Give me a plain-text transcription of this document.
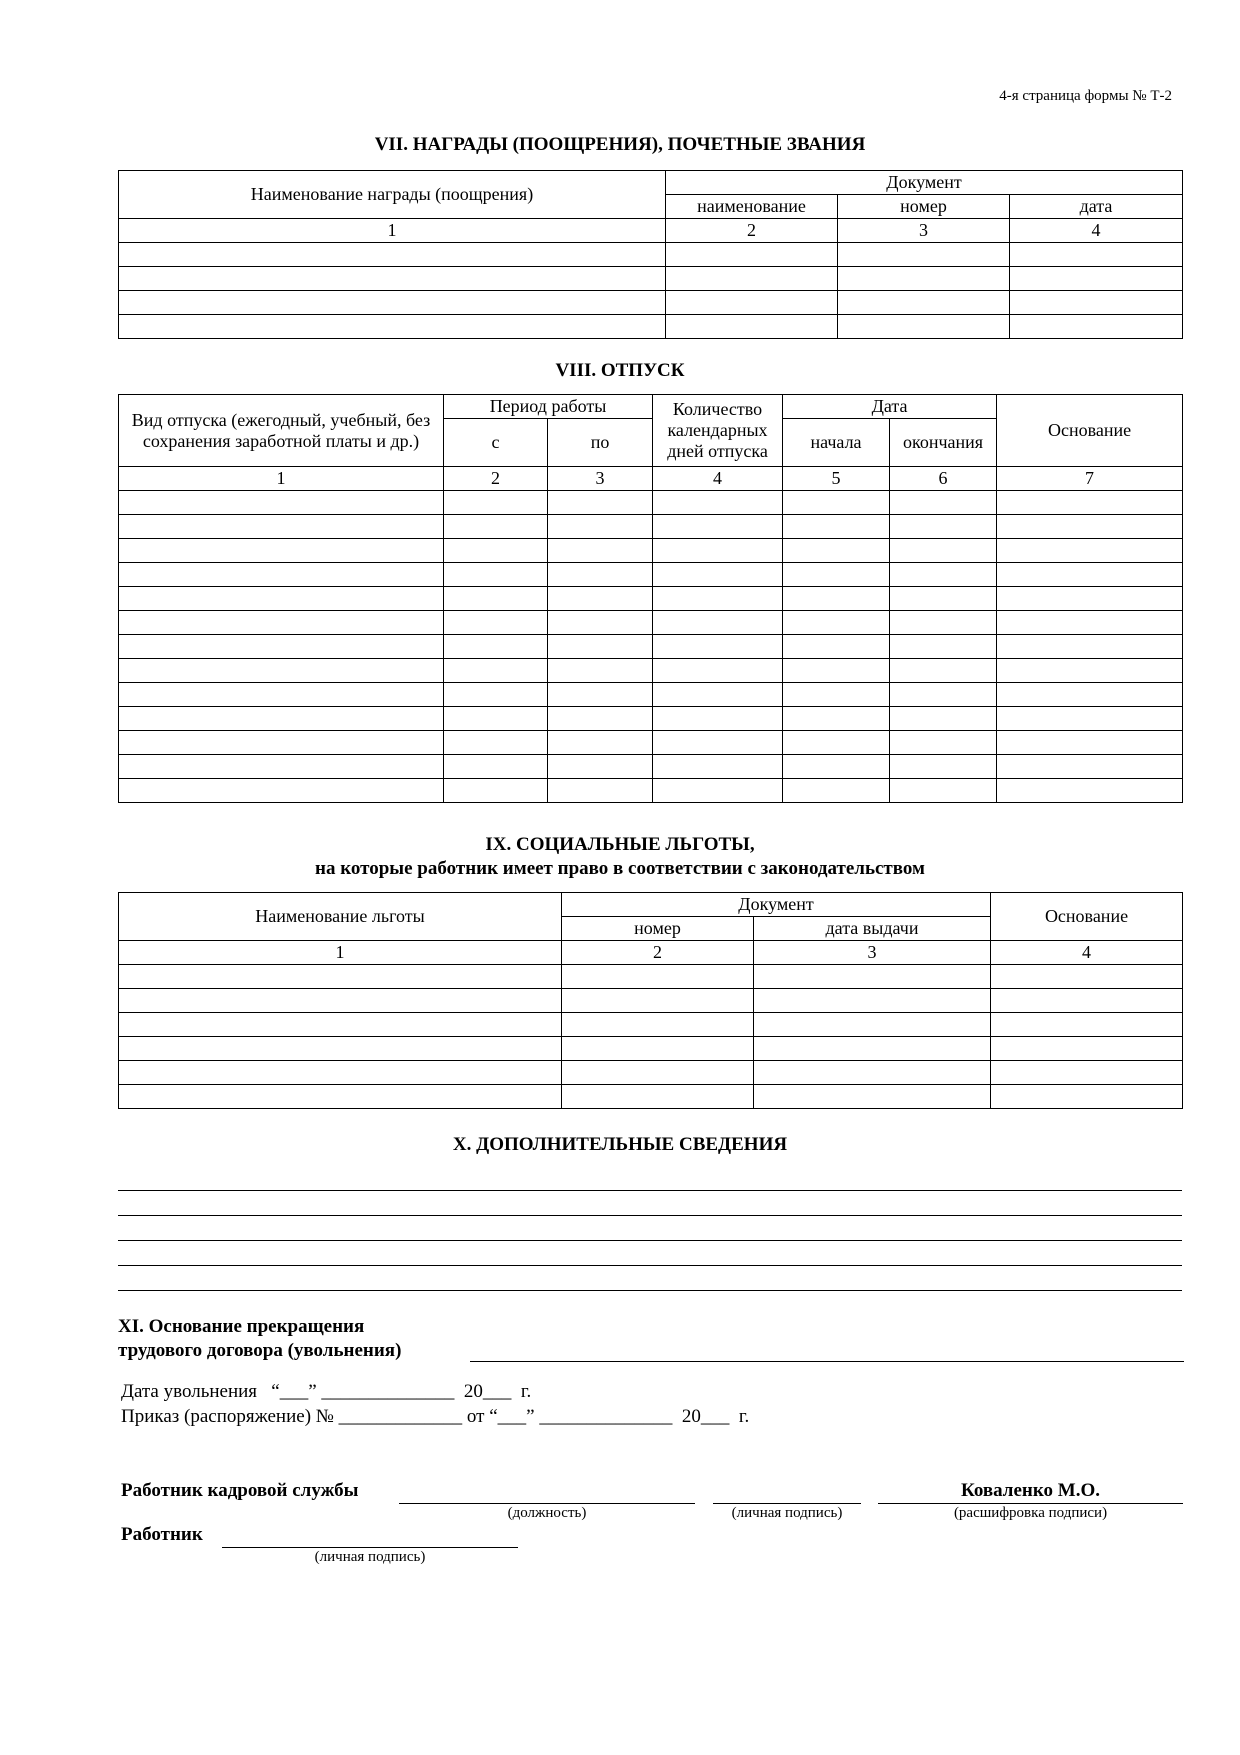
4-я страница формы № Т-2
VII. НАГРАДЫ (ПООЩРЕНИЯ), ПОЧЕТНЫЕ ЗВАНИЯ
Наименование награды (поощрения)	Документ		
	наименование	номер	дата
1	2	3	4

VIII. ОТПУСК
Вид отпуска (ежегодный, учебный, без сохранения заработной платы и др.)	Период работы		Количество календарных дней отпуска	Дата		Основание
	с	по		начала	окончания	
1	2	3	4	5	6	7

IX. СОЦИАЛЬНЫЕ ЛЬГОТЫ,
на которые работник имеет право в соответствии с законодательством
Наименование льготы	Документ		Основание
	номер	дата выдачи	
1	2	3	4

X. ДОПОЛНИТЕЛЬНЫЕ СВЕДЕНИЯ
XI. Основание прекращения
трудового договора (увольнения)
Дата увольнения   “___” ______________  20___  г.
Приказ (распоряжение) № _____________ от “___” ______________  20___  г.
Работник кадровой службы	Коваленко М.О.
(должность)	(личная подпись)	(расшифровка подписи)
Работник
(личная подпись)
